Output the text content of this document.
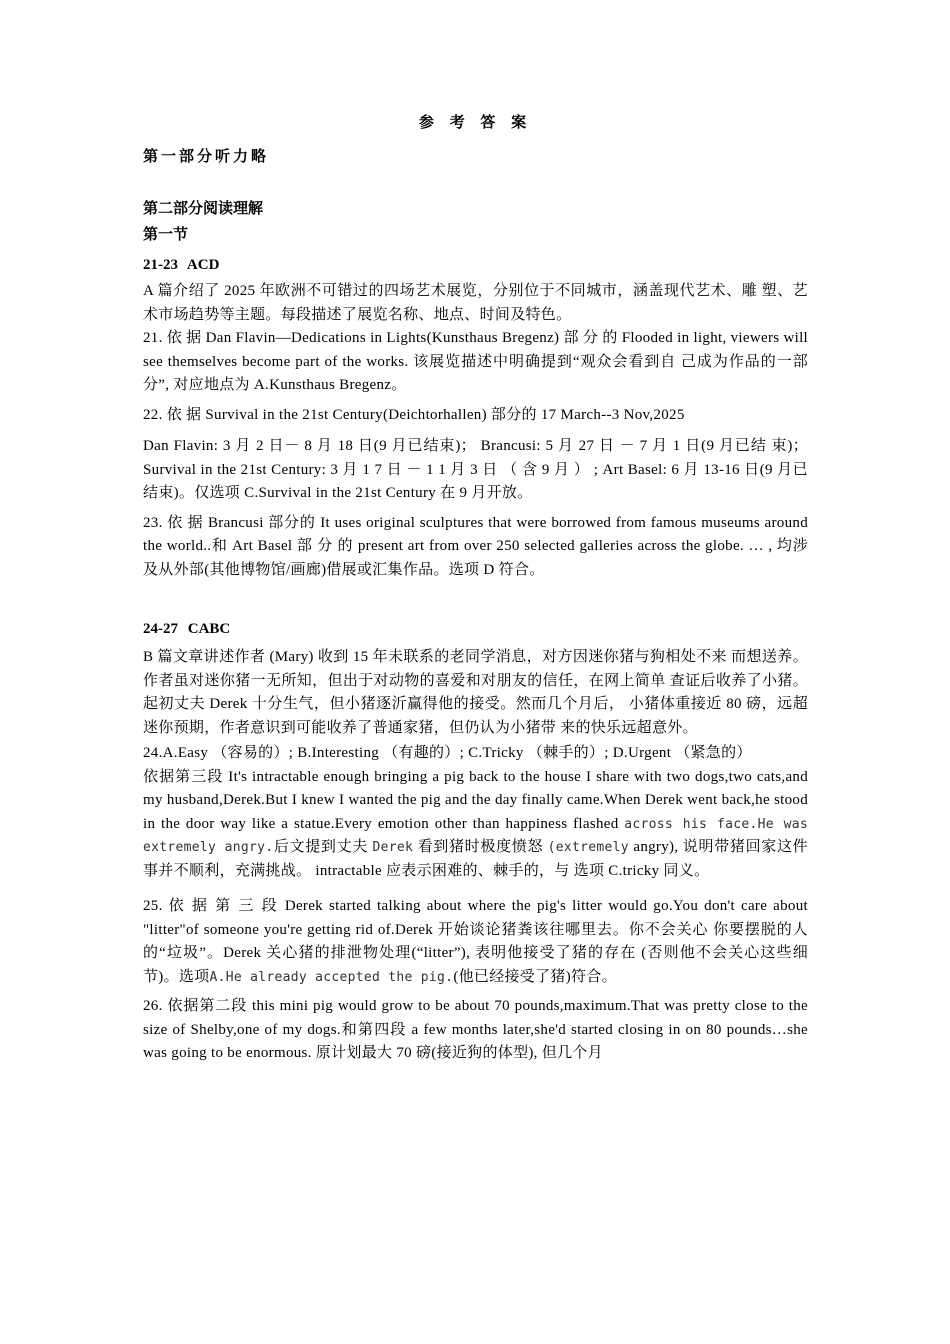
参 考 答 案
第一部分听力略
第二部分阅读理解
第一节
21-23 ACD

A 篇介绍了 2025 年欧洲不可错过的四场艺术展览，分别位于不同城市，涵盖现代艺术、雕 塑、艺术市场趋势等主题。每段描述了展览名称、地点、时间及特色。

21. 依 据 Dan Flavin—Dedications in Lights(Kunsthaus Bregenz) 部 分 的 Flooded in light, viewers will see themselves become part of the works. 该展览描述中明确提到“观众会看到自 己成为作品的一部分”, 对应地点为 A.Kunsthaus Bregenz。

22. 依 据 Survival in the 21st Century(Deichtorhallen) 部分的 17 March--3 Nov,2025

Dan Flavin: 3 月 2 日－ 8 月 18 日(9 月已结束)； Brancusi: 5 月 27 日 － 7 月 1 日(9 月已结 束)； Survival in the 21st Century: 3 月 1 7 日 － 1 1 月 3 日 （ 含 9 月 ） ; Art Basel: 6 月 13-16 日(9 月已结束)。仅选项 C.Survival in the 21st Century 在 9 月开放。

23. 依 据 Brancusi 部分的 It uses original sculptures that were borrowed from famous museums around the world..和 Art Basel 部 分 的 present art from over 250 selected galleries across the globe. … , 均涉及从外部(其他博物馆/画廊)借展或汇集作品。选项 D 符合。

24-27 CABC

B 篇文章讲述作者 (Mary) 收到 15 年未联系的老同学消息，对方因迷你猪与狗相处不来 而想送养。作者虽对迷你猪一无所知，但出于对动物的喜爱和对朋友的信任，在网上简单 查证后收养了小猪。起初丈夫 Derek 十分生气，但小猪逐沂赢得他的接受。然而几个月后， 小猪体重接近 80 磅，远超迷你预期，作者意识到可能收养了普通家猪，但仍认为小猪带 来的快乐远超意外。

24.A.Easy （容易的）; B.Interesting （有趣的）; C.Tricky （棘手的）; D.Urgent （紧急的）

依据第三段 It's intractable enough bringing a pig back to the house I share with two dogs,two cats,and my husband,Derek.But I knew I wanted the pig and the day finally came.When Derek went back,he stood in the door way like a statue.Every emotion other than happiness flashed across his face.He was extremely angry.后文提到丈夫 Derek 看到猪时极度愤怒 (extremely angry), 说明带猪回家这件事并不顺利，充满挑战。 intractable 应表示困难的、棘手的，与 选项 C.tricky 同义。

25. 依 据 第 三 段 Derek started talking about where the pig's litter would go.You don't care about "litter"of someone you're getting rid of.Derek 开始谈论猪粪该往哪里去。你不会关心 你要摆脱的人的“垃圾”。Derek 关心猪的排泄物处理(“litter”), 表明他接受了猪的存在 (否则他不会关心这些细节)。选项A.He already accepted the pig.(他已经接受了猪)符合。

26. 依据第二段 this mini pig would grow to be about 70 pounds,maximum.That was pretty close to the size of Shelby,one of my dogs.和第四段 a few months later,she'd started closing in on 80 pounds…she was going to be enormous. 原计划最大 70 磅(接近狗的体型), 但几个月
